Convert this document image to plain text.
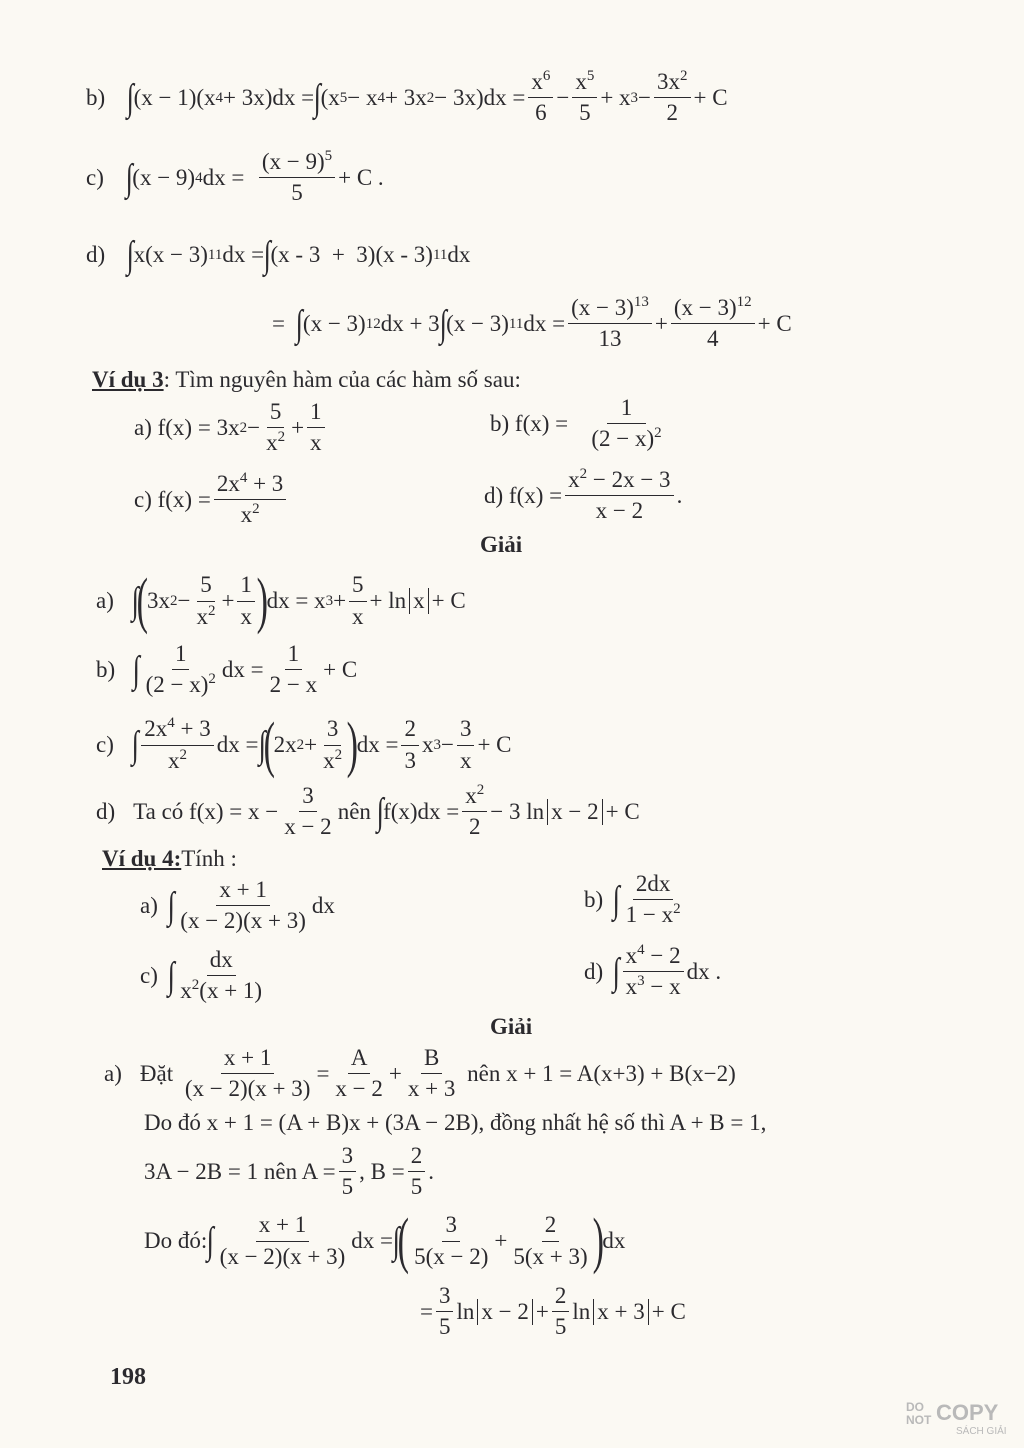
b) ∫ (x − 1)(x 4 + 3x)dx = ∫ (x 5 − x 4 + 3x 2 − 3x)dx =
$x^6$
6
−
$x^5$
5
+ x 3 −
$3x^2$
2
+ C
c) ∫ (x − 9) 4 dx =
$(x - 9)^5$
5
+ C .
d) ∫ x(x − 3) 11 dx = ∫ (x - 3  +  3)(x - 3) 11 dx
= ∫ (x − 3) 12 dx + 3 ∫ (x − 3) 11 dx =
$(x - 3)^{13}$
13
+
$(x - 3)^{12}$
4
+ C
Ví dụ 3 : Tìm nguyên hàm của các hàm số sau:
a) f(x) = 3x 2 −
5
$x^2$ +
1
x
b) f(x) =
1
$(2 - x)^2$
c) f(x) =
$2x^4 + 3$
$x^2$
d) f(x) =
$x^2 - 2x - 3$
x − 2
.
Giải
a) ∫
(
3x 2 −
5
$x^2$ +
1
x )
dx = x 3 +
5
x
+ ln x
+ C
b) ∫ 1
$(2 - x)^2$ dx =
1
2 − x
+ C
c) ∫ $2x^4 + 3$
$x^2$ dx = ∫
(
2x 2 +
3
$x^2$ )
dx =
2
3
x 3 −
3
x
+ C
d) Ta có $f(x) = x - \frac{3}{x - 2}$ nên
∫ f(x)dx =
$x^2$
2
− 3 ln x − 2
+ C
Ví dụ 4: Tính :
a) ∫ x + 1
(x − 2)(x + 3)
dx	b) ∫ 2dx
$1 - x^2$
c) ∫ dx
$x^2(x + 1)$
d) ∫ $x^4 - 2$
$x^3 - x$
dx .
Giải
a) Đặt

x + 1
(x − 2)(x + 3)
=
A
x − 2
+
B
x + 3

nên x + 1 = A(x+3) + B(x−2)
Do đó x + 1 = (A + B)x + (3A − 2B), đồng nhất hệ số thì A + B = 1,
3A − 2B = 1 nên $A = \frac{3}{5}$ , B =
2
5
.
Do đó: ∫ x + 1
(x − 2)(x + 3)
dx = ∫
( 3
5(x − 2)
+
2
5(x + 3) )
dx
=
3
5
ln x − 2
+
2
5
ln x + 3
+ C
198
DO
NOT COPY
SÁCH GIẢI
